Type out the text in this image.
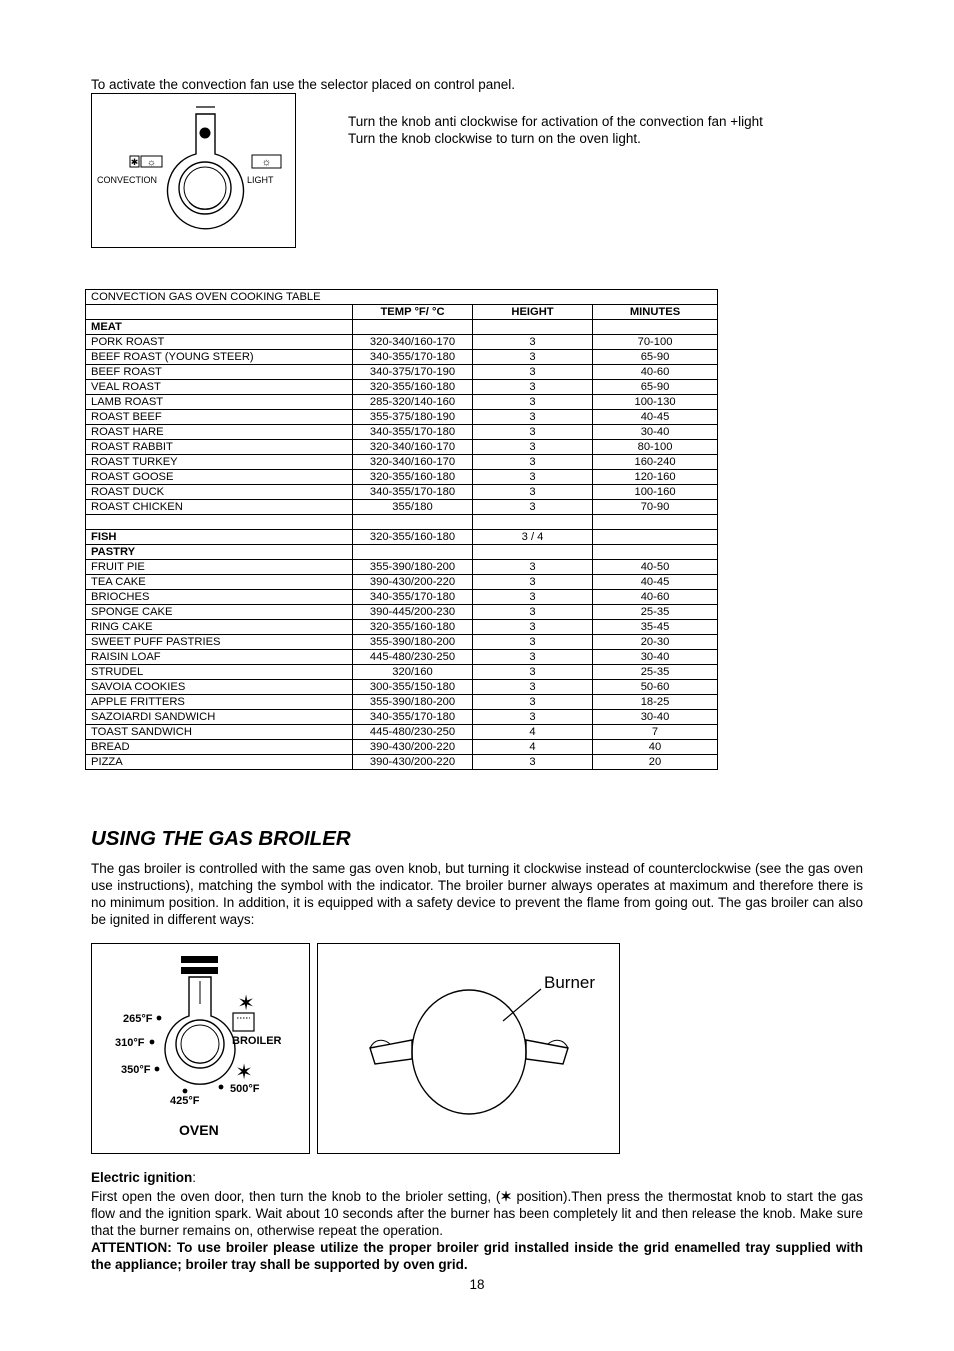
To activate the convection fan use the selector placed on control panel.
✱ ☼	☼
CONVECTION	LIGHT
Turn the knob anti clockwise for activation of the convection fan +light
Turn the knob clockwise to turn on the oven light.
CONVECTION GAS OVEN COOKING TABLE			
	TEMP °F/ °C	HEIGHT	MINUTES
MEAT			
PORK ROAST	320-340/160-170	3	70-100
BEEF ROAST (YOUNG STEER)	340-355/170-180	3	65-90
BEEF ROAST	340-375/170-190	3	40-60
VEAL ROAST	320-355/160-180	3	65-90
LAMB ROAST	285-320/140-160	3	100-130
ROAST BEEF	355-375/180-190	3	40-45
ROAST HARE	340-355/170-180	3	30-40
ROAST RABBIT	320-340/160-170	3	80-100
ROAST TURKEY	320-340/160-170	3	160-240
ROAST GOOSE	320-355/160-180	3	120-160
ROAST DUCK	340-355/170-180	3	100-160
ROAST CHICKEN	355/180	3	70-90

FISH	320-355/160-180	3 / 4	
PASTRY			
FRUIT PIE	355-390/180-200	3	40-50
TEA CAKE	390-430/200-220	3	40-45
BRIOCHES	340-355/170-180	3	40-60
SPONGE CAKE	390-445/200-230	3	25-35
RING CAKE	320-355/160-180	3	35-45
SWEET PUFF PASTRIES	355-390/180-200	3	20-30
RAISIN LOAF	445-480/230-250	3	30-40
STRUDEL	320/160	3	25-35
SAVOIA COOKIES	300-355/150-180	3	50-60
APPLE FRITTERS	355-390/180-200	3	18-25
SAZOIARDI SANDWICH	340-355/170-180	3	30-40
TOAST SANDWICH	445-480/230-250	4	7
BREAD	390-430/200-220	4	40
PIZZA	390-430/200-220	3	20
USING THE GAS BROILER
The gas broiler is controlled with the same gas oven knob, but turning it clockwise instead of counterclockwise (see the gas oven use instructions), matching the symbol with the indicator. The broiler burner always operates at maximum and therefore there is no minimum position. In addition, it is equipped with a safety device to prevent the flame from going out. The gas broiler can also be ignited in different ways:
✶
✶
265°F
310°F
350°F
425°F
500°F
BROILER
OVEN
Burner
Electric ignition:
First open the oven door, then turn the knob to the brioler setting, (✶ position).Then press the thermostat knob to start the gas flow and the ignition spark. Wait about 10 seconds after the burner has been completely lit and then release the knob. Make sure that the burner remains on, otherwise repeat the operation.
ATTENTION: To use broiler please utilize the proper broiler grid installed inside the grid enamelled tray supplied with the appliance; broiler tray shall be supported by oven grid.
18
